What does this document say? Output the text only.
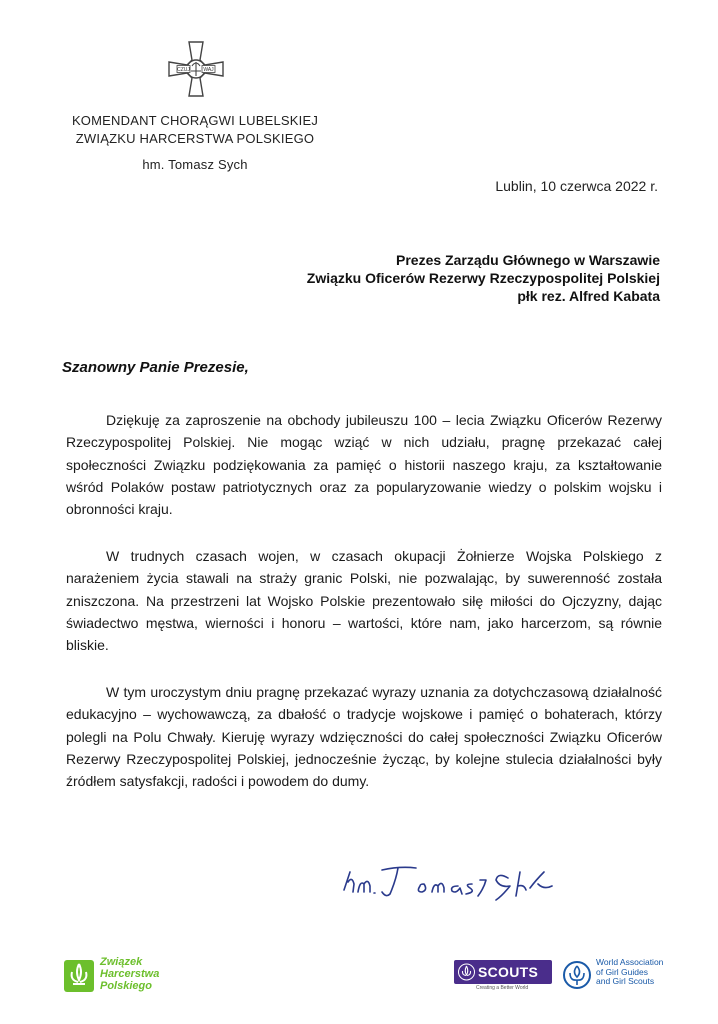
CZUJ	WAJ
KOMENDANT CHORĄGWI LUBELSKIEJ
ZWIĄZKU HARCERSTWA POLSKIEGO
hm. Tomasz Sych
Lublin, 10 czerwca 2022 r.
Prezes Zarządu Głównego w Warszawie
Związku Oficerów Rezerwy Rzeczypospolitej Polskiej
płk rez. Alfred Kabata
Szanowny Panie Prezesie,

Dziękuję za zaproszenie na obchody jubileuszu 100 – lecia Związku Oficerów Rezerwy Rzeczypospolitej Polskiej. Nie mogąc wziąć w nich udziału, pragnę przekazać całej społeczności Związku podziękowania za pamięć o historii naszego kraju, za kształtowanie wśród Polaków postaw patriotycznych oraz za popularyzowanie wiedzy o polskim wojsku i obronności kraju.

W trudnych czasach wojen, w czasach okupacji Żołnierze Wojska Polskiego z narażeniem życia stawali na straży granic Polski, nie pozwalając, by suwerenność została zniszczona. Na przestrzeni lat Wojsko Polskie prezentowało siłę miłości do Ojczyzny, dając świadectwo męstwa, wierności i honoru – wartości, które nam, jako harcerzom, są równie bliskie.

W tym uroczystym dniu pragnę przekazać wyrazy uznania za dotychczasową działalność edukacyjno – wychowawczą, za dbałość o tradycje wojskowe i pamięć o bohaterach, którzy polegli na Polu Chwały. Kieruję wyrazy wdzięczności do całej społeczności Związku Oficerów Rezerwy Rzeczypospolitej Polskiej, jednocześnie życząc, by kolejne stulecia działalności były źródłem satysfakcji, radości i powodem do dumy.

Związek
Harcerstwa
Polskiego
SCOUTS
Creating a Better World
World Association
of Girl Guides
and Girl Scouts
